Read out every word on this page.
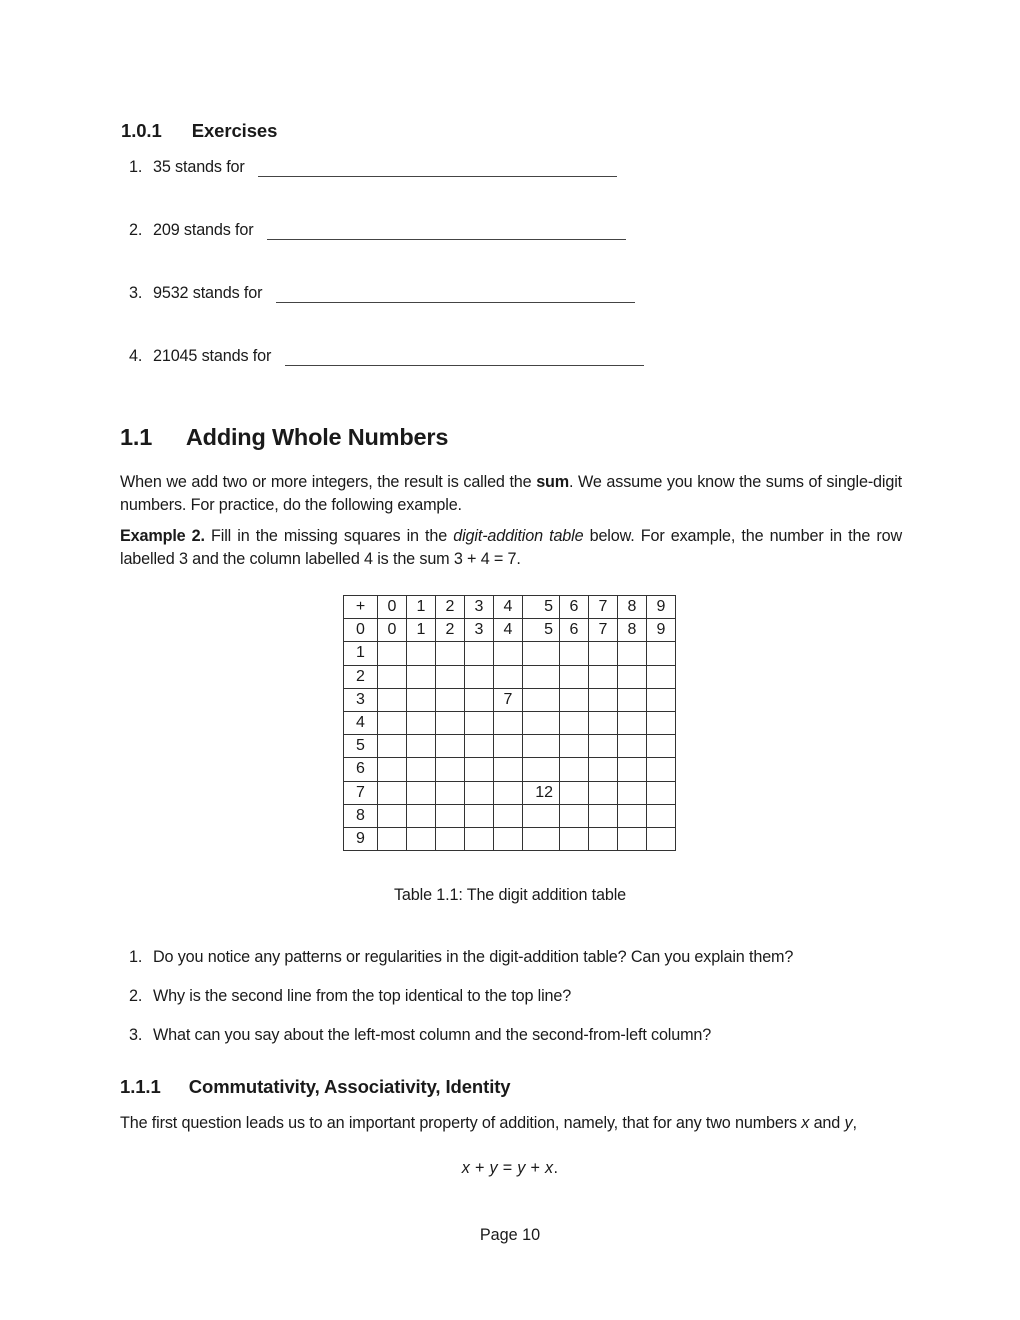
1.0.1 Exercises
1. 35 stands for
2. 209 stands for
3. 9532 stands for
4. 21045 stands for
1.1 Adding Whole Numbers
When we add two or more integers, the result is called the sum. We assume you know the sums of single-digit numbers. For practice, do the following example.
Example 2. Fill in the missing squares in the digit-addition table below. For example, the number in the row labelled 3 and the column labelled 4 is the sum 3 + 4 = 7.
+	0	1	2	3	4	5	6	7	8	9
0	0	1	2	3	4	5	6	7	8	9
1										
2										
3					7					
4										
5										
6										
7						12				
8										
9										
Table 1.1: The digit addition table
1. Do you notice any patterns or regularities in the digit-addition table? Can you explain them?
2. Why is the second line from the top identical to the top line?
3. What can you say about the left-most column and the second-from-left column?
1.1.1 Commutativity, Associativity, Identity
The first question leads us to an important property of addition, namely, that for any two numbers x and y,
x + y = y + x.
Page 10
